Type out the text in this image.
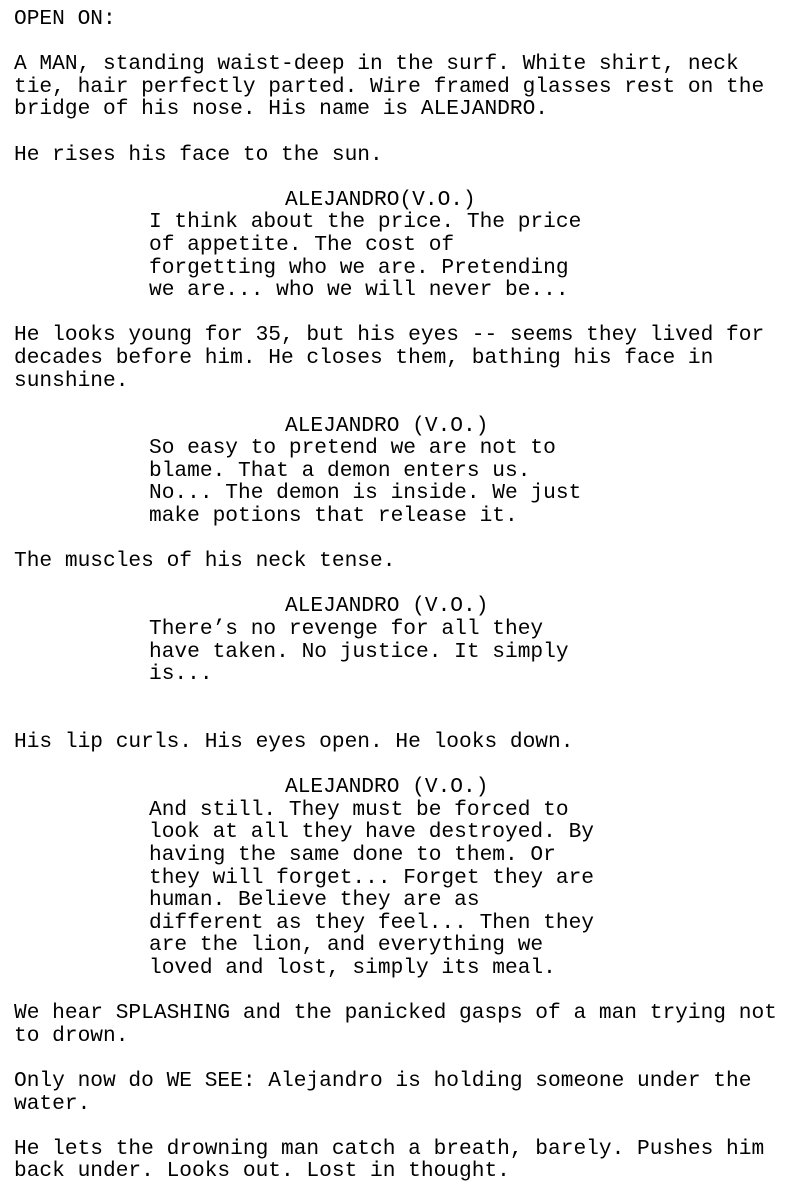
OPEN ON:
A MAN, standing waist-deep in the surf. White shirt, neck
tie, hair perfectly parted. Wire framed glasses rest on the
bridge of his nose. His name is ALEJANDRO.
He rises his face to the sun.
ALEJANDRO(V.O.)
I think about the price. The price
of appetite. The cost of
forgetting who we are. Pretending
we are... who we will never be...
He looks young for 35, but his eyes -- seems they lived for
decades before him. He closes them, bathing his face in
sunshine.
ALEJANDRO (V.O.)
So easy to pretend we are not to
blame. That a demon enters us.
No... The demon is inside. We just
make potions that release it.
The muscles of his neck tense.
ALEJANDRO (V.O.)
There’s no revenge for all they
have taken. No justice. It simply
is...
His lip curls. His eyes open. He looks down.
ALEJANDRO (V.O.)
And still. They must be forced to
look at all they have destroyed. By
having the same done to them. Or
they will forget... Forget they are
human. Believe they are as
different as they feel... Then they
are the lion, and everything we
loved and lost, simply its meal.
We hear SPLASHING and the panicked gasps of a man trying not
to drown.
Only now do WE SEE: Alejandro is holding someone under the
water.
He lets the drowning man catch a breath, barely. Pushes him
back under. Looks out. Lost in thought.
